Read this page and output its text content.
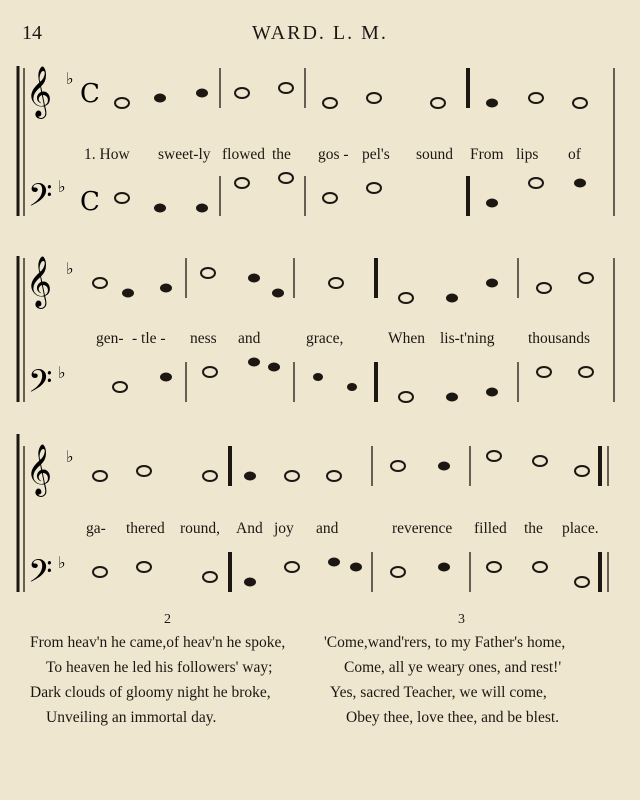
14	WARD. L. M.
𝄞
𝄢
♭
♭
C
C
𝄞
𝄢
♭
♭
𝄞
𝄢
♭
♭
1. How sweet-ly flowed the gos - pel's sound From lips of
gen- - tle - ness and	grace,	When lis-t'ning thousands
ga- thered round, And joy and	reverence filled the place.
2
From heav'n he came,of heav'n he spoke,
To heaven he led his followers' way;
Dark clouds of gloomy night he broke,
Unveiling an immortal day.
3
'Come,wand'rers, to my Father's home,
Come, all ye weary ones, and rest!'
Yes, sacred Teacher, we will come,
Obey thee, love thee, and be blest.
